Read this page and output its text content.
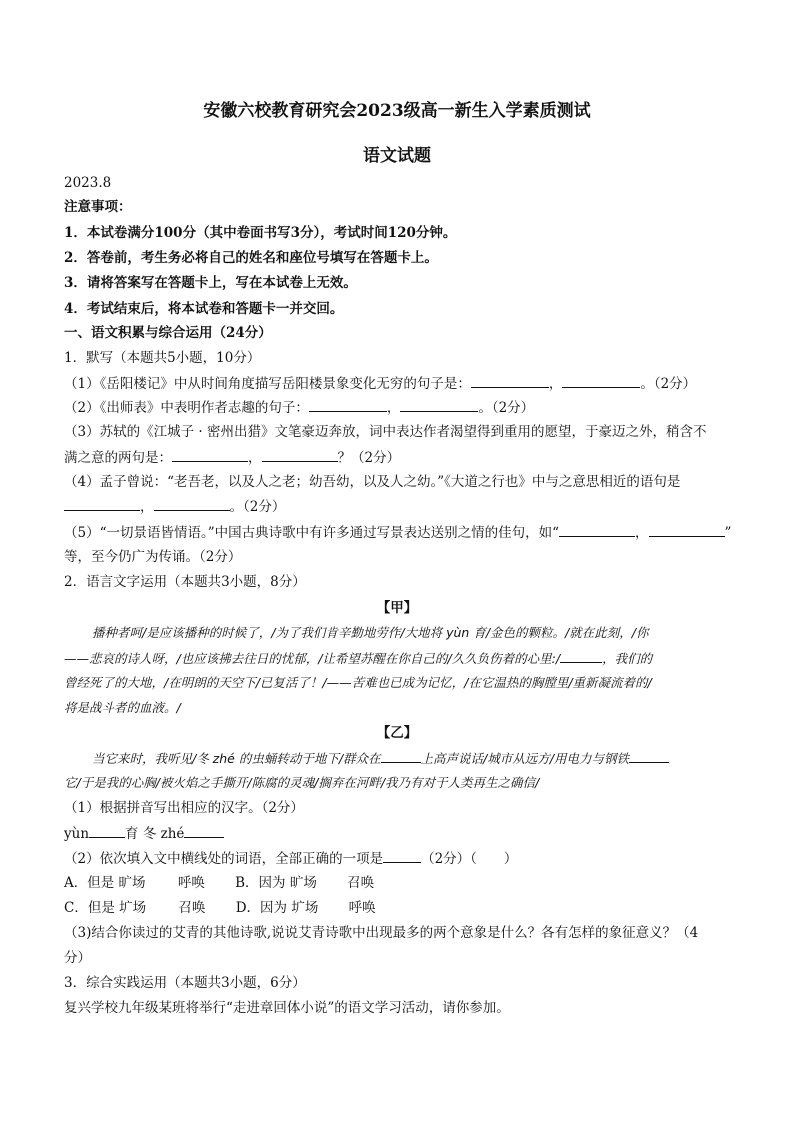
安徽六校教育研究会2023级高一新生入学素质测试
语文试题
2023.8
注意事项：
1．本试卷满分100分（其中卷面书写3分），考试时间120分钟。
2．答卷前，考生务必将自己的姓名和座位号填写在答题卡上。
3．请将答案写在答题卡上，写在本试卷上无效。
4．考试结束后，将本试卷和答题卡一并交回。
一、语文积累与综合运用（24分）
1．默写（本题共5小题，10分）
（1）《岳阳楼记》中从时间角度描写岳阳楼景象变化无穷的句子是：	，	。（2分）
（2）《出师表》中表明作者志趣的句子：	，	。（2分）
（3）苏轼的《江城子 · 密州出猎》文笔豪迈奔放，词中表达作者渴望得到重用的愿望，于豪迈之外，稍含不
满之意的两句是：	，	？（2分）
（4）孟子曾说：“老吾老，以及人之老；幼吾幼，以及人之幼。”《大道之行也》中与之意思相近的语句是
，	。（2分）
（5）“一切景语皆情语。”中国古典诗歌中有许多通过写景表达送别之情的佳句，如“	，	”
等，至今仍广为传诵。（2分）
2．语言文字运用（本题共3小题，8分）
【甲】
播种者呵/是应该播种的时候了，/为了我们肯辛勤地劳作/大地将 yùn 育/金色的颗粒。/就在此刻，/你
——悲哀的诗人呀，/也应该拂去往日的忧郁，/让希望苏醒在你自己的/久久负伤着的心里:/	，我们的
曾经死了的大地，/在明朗的天空下/已复活了！/——苦难也已成为记忆，/在它温热的胸膛里/重新凝流着的/
将是战斗者的血液。/
【乙】
当它来时，我听见/冬 zhé 的虫蛹转动于地下/群众在	上高声说话/城市从远方/用电力与钢铁
它/于是我的心胸/被火焰之手撕开/陈腐的灵魂/搁弃在河畔/我乃有对于人类再生之确信/
（1）根据拼音写出相应的汉字。（2分）
yùn	育 冬 zhé
（2）依次填入文中横线处的词语，全部正确的一项是	（2分）（　　）
A．但是 旷场 呼唤 B．因为 旷场 召唤
C．但是 圹场 召唤 D．因为 圹场 呼唤
（3)结合你读过的艾青的其他诗歌,说说艾青诗歌中出现最多的两个意象是什么？各有怎样的象征意义？（4
分）
3．综合实践运用（本题共3小题，6分）
复兴学校九年级某班将举行“走进章回体小说”的语文学习活动，请你参加。
